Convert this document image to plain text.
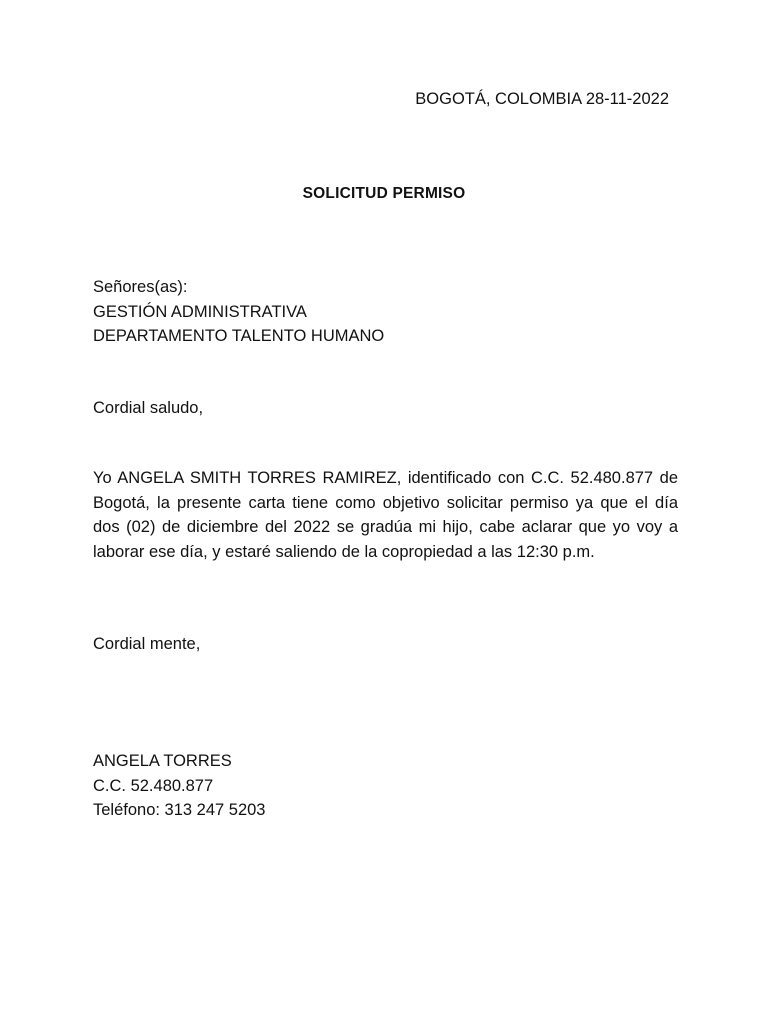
BOGOTÁ, COLOMBIA 28-11-2022
SOLICITUD PERMISO
Señores(as):
GESTIÓN ADMINISTRATIVA
DEPARTAMENTO TALENTO HUMANO
Cordial saludo,
Yo ANGELA SMITH TORRES RAMIREZ, identificado con C.C. 52.480.877 de Bogotá, la presente carta tiene como objetivo solicitar permiso ya que el día dos (02) de diciembre del 2022 se gradúa mi hijo, cabe aclarar que yo voy a laborar ese día, y estaré saliendo de la copropiedad a las 12:30 p.m.
Cordial mente,
ANGELA TORRES
C.C. 52.480.877
Teléfono: 313 247 5203
